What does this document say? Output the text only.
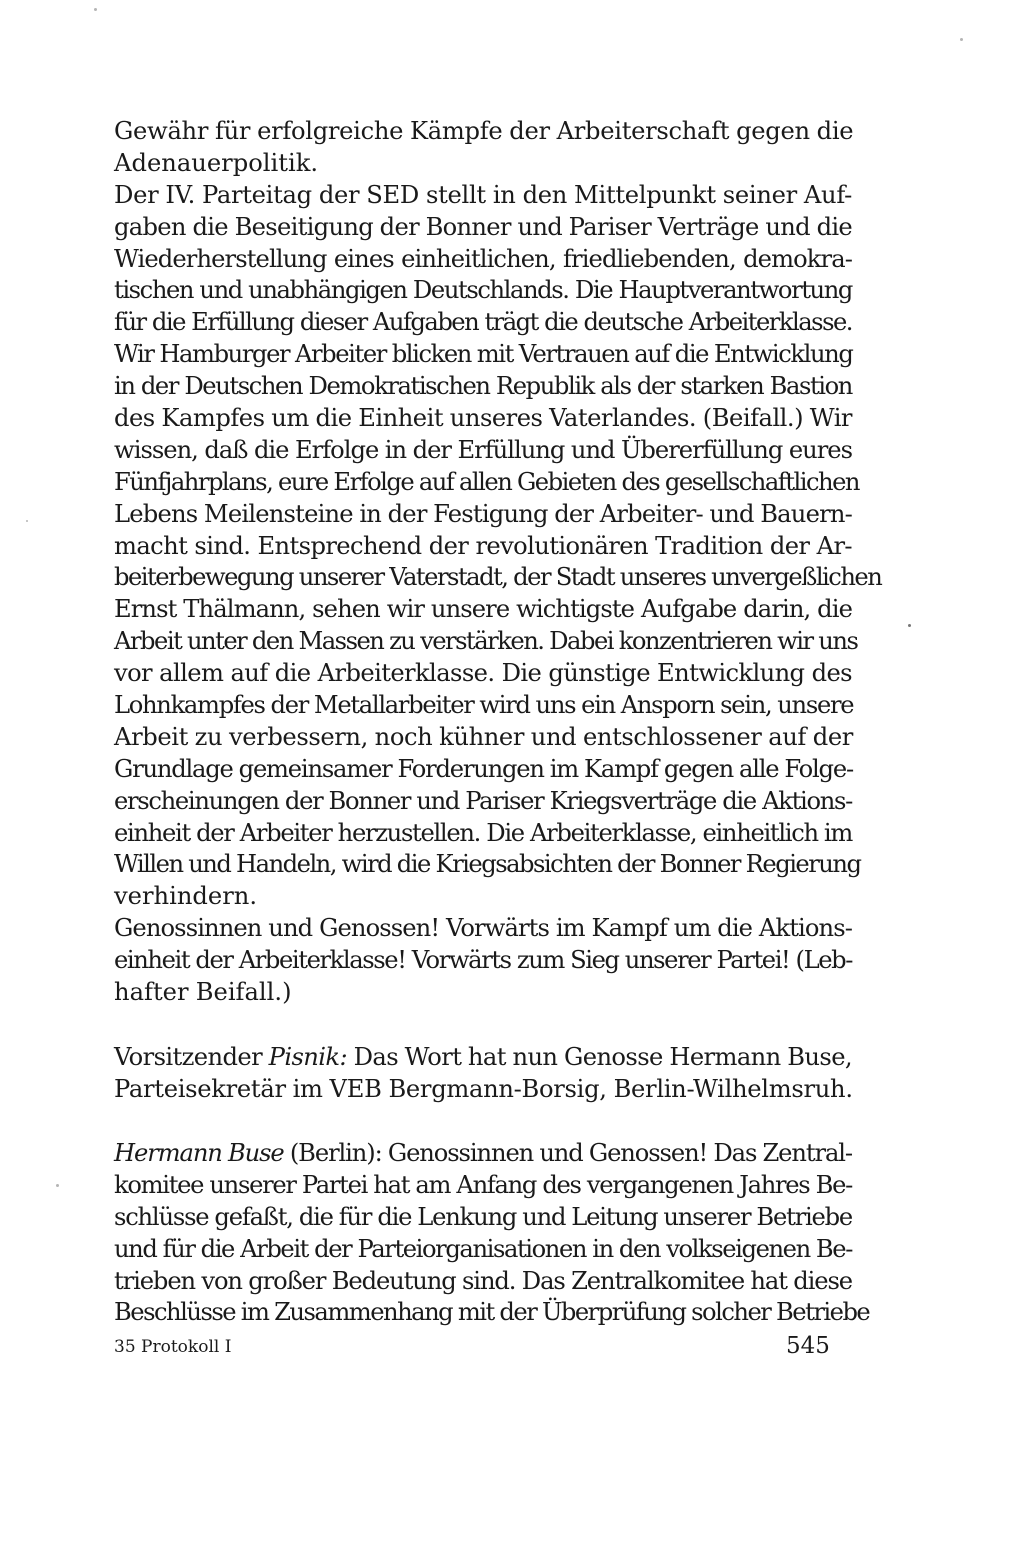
Gewähr für erfolgreiche Kämpfe der Arbeiterschaft gegen die
Adenauerpolitik.
Der IV. Parteitag der SED stellt in den Mittelpunkt seiner Auf-
gaben die Beseitigung der Bonner und Pariser Verträge und die
Wiederherstellung eines einheitlichen, friedliebenden, demokra-
tischen und unabhängigen Deutschlands. Die Hauptverantwortung
für die Erfüllung dieser Aufgaben trägt die deutsche Arbeiterklasse.
Wir Hamburger Arbeiter blicken mit Vertrauen auf die Entwicklung
in der Deutschen Demokratischen Republik als der starken Bastion
des Kampfes um die Einheit unseres Vaterlandes. (Beifall.) Wir
wissen, daß die Erfolge in der Erfüllung und Übererfüllung eures
Fünfjahrplans, eure Erfolge auf allen Gebieten des gesellschaftlichen
Lebens Meilensteine in der Festigung der Arbeiter- und Bauern-
macht sind. Entsprechend der revolutionären Tradition der Ar-
beiterbewegung unserer Vaterstadt, der Stadt unseres unvergeßlichen
Ernst Thälmann, sehen wir unsere wichtigste Aufgabe darin, die
Arbeit unter den Massen zu verstärken. Dabei konzentrieren wir uns
vor allem auf die Arbeiterklasse. Die günstige Entwicklung des
Lohnkampfes der Metallarbeiter wird uns ein Ansporn sein, unsere
Arbeit zu verbessern, noch kühner und entschlossener auf der
Grundlage gemeinsamer Forderungen im Kampf gegen alle Folge-
erscheinungen der Bonner und Pariser Kriegsverträge die Aktions-
einheit der Arbeiter herzustellen. Die Arbeiterklasse, einheitlich im
Willen und Handeln, wird die Kriegsabsichten der Bonner Regierung
verhindern.
Genossinnen und Genossen! Vorwärts im Kampf um die Aktions-
einheit der Arbeiterklasse! Vorwärts zum Sieg unserer Partei! (Leb-
hafter Beifall.)
Vorsitzender Pisnik: Das Wort hat nun Genosse Hermann Buse,
Parteisekretär im VEB Bergmann-Borsig, Berlin-Wilhelmsruh.
Hermann Buse (Berlin): Genossinnen und Genossen! Das Zentral-
komitee unserer Partei hat am Anfang des vergangenen Jahres Be-
schlüsse gefaßt, die für die Lenkung und Leitung unserer Betriebe
und für die Arbeit der Parteiorganisationen in den volkseigenen Be-
trieben von großer Bedeutung sind. Das Zentralkomitee hat diese
Beschlüsse im Zusammenhang mit der Überprüfung solcher Betriebe
35 Protokoll I	545
